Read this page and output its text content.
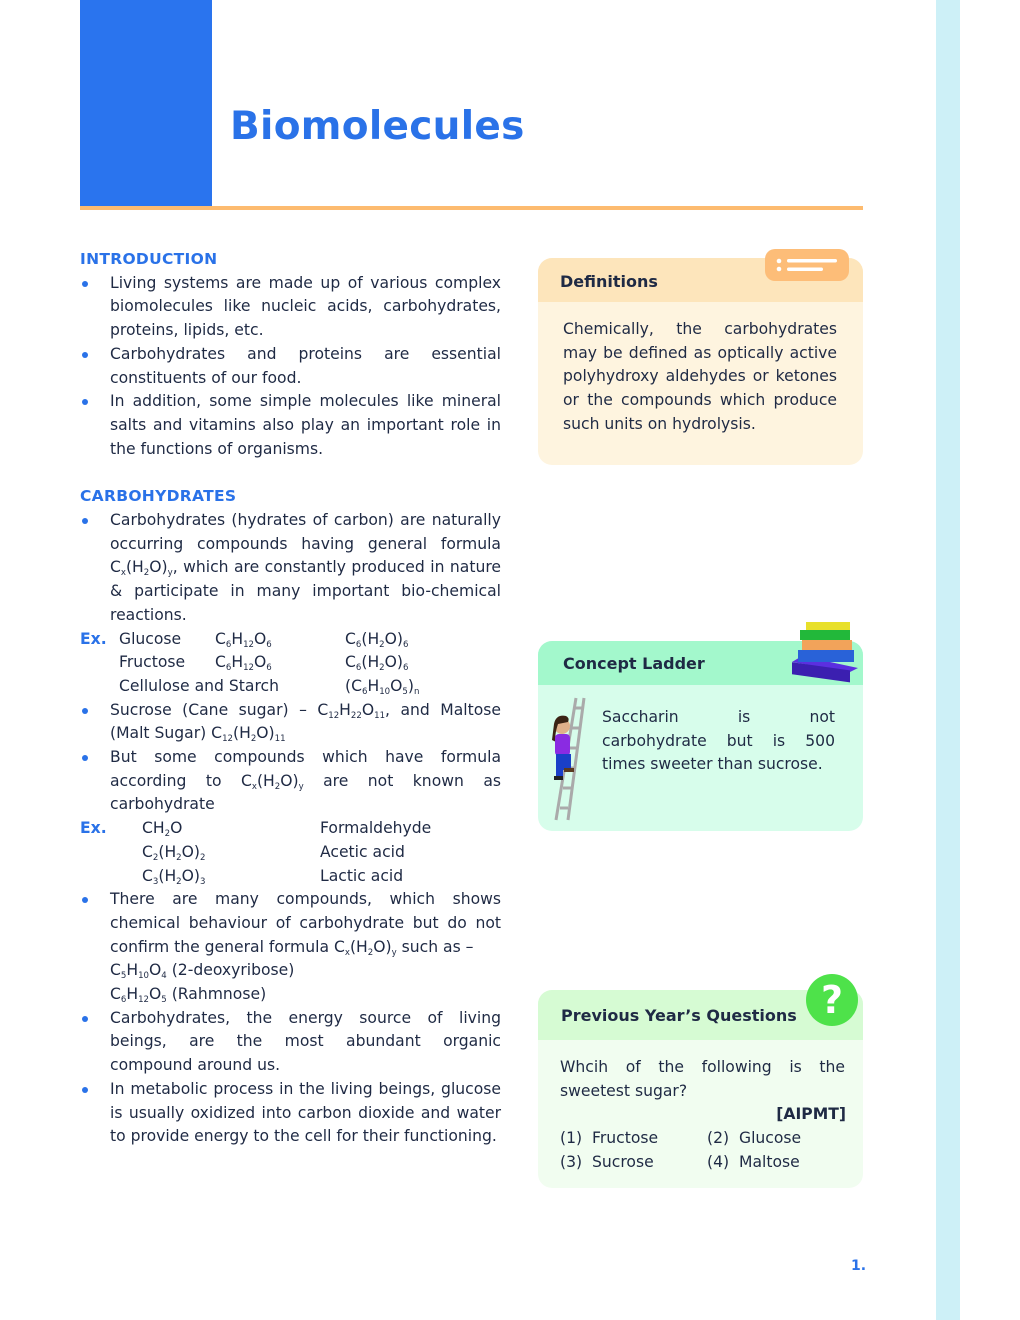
Biomolecules
INTRODUCTION
Living systems are made up of various complex biomolecules like nucleic acids, carbohydrates, proteins, lipids, etc.
Carbohydrates and proteins are essential constituents of our food.
In addition, some simple molecules like mineral salts and vitamins also play an important role in the functions of organisms.
CARBOHYDRATES
Carbohydrates (hydrates of carbon) are naturally occurring compounds having general formula $C_x(H_2O)_y$, which are constantly produced in nature & participate in many important bio-chemical reactions.
Ex. Glucose $C_6H_{12}O_6$	$C_6(H_2O)_6$
Fructose $C_6H_{12}O_6$	$C_6(H_2O)_6$
Cellulose and Starch	$(C_6H_{10}O_5)_n$
Sucrose (Cane sugar) – $C_{12}H_{22}O_{11}$, and Maltose (Malt Sugar) $C_{12}(H_2O)_{11}$
But some compounds which have formula according to $C_x(H_2O)_y$ are not known as carbohydrate
Ex. $CH_2O$	Formaldehyde
$C_2(H_2O)_2$	Acetic acid
$C_3(H_2O)_3$	Lactic acid
There are many compounds, which shows chemical behaviour of carbohydrate but do not confirm the general formula $C_x(H_2O)_y$ such as –
$C_5H_{10}O_4$ (2-deoxyribose)
$C_6H_{12}O_5$ (Rahmnose)
Carbohydrates, the energy source of living beings, are the most abundant organic compound around us.
In metabolic process in the living beings, glucose is usually oxidized into carbon dioxide and water to provide energy to the cell for their functioning.
Definitions
Chemically, the carbohydrates may be defined as optically active polyhydroxy aldehydes or ketones or the compounds which produce such units on hydrolysis.
Concept Ladder
Saccharin is not carbohydrate but is 500 times sweeter than sucrose.
Previous Year’s Questions
Whcih of the following is the sweetest sugar?
[AIPMT]

(1)  Fructose

	(2)  Glucose

(3)  Sucrose

	(4)  Maltose

?
1.
